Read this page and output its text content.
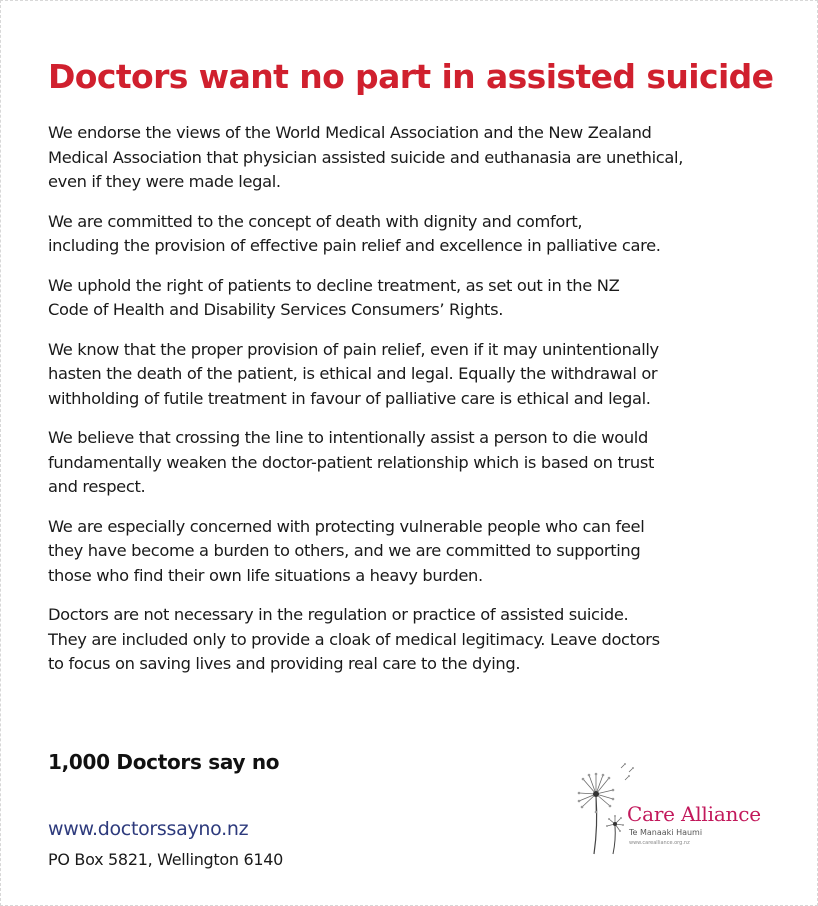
Doctors want no part in assisted suicide

We endorse the views of the World Medical Association and the New Zealand
Medical Association that physician assisted suicide and euthanasia are unethical,
even if they were made legal.

We are committed to the concept of death with dignity and comfort,
including the provision of effective pain relief and excellence in palliative care.

We uphold the right of patients to decline treatment, as set out in the NZ
Code of Health and Disability Services Consumers’ Rights.

We know that the proper provision of pain relief, even if it may unintentionally
hasten the death of the patient, is ethical and legal. Equally the withdrawal or
withholding of futile treatment in favour of palliative care is ethical and legal.

We believe that crossing the line to intentionally assist a person to die would
fundamentally weaken the doctor-patient relationship which is based on trust
and respect.

We are especially concerned with protecting vulnerable people who can feel
they have become a burden to others, and we are committed to supporting
those who find their own life situations a heavy burden.

Doctors are not necessary in the regulation or practice of assisted suicide.
They are included only to provide a cloak of medical legitimacy. Leave doctors
to focus on saving lives and providing real care to the dying.

1,000 Doctors say no
www.doctorssayno.nz
PO Box 5821, Wellington 6140
Care Alliance
Te Manaaki Haumi
www.carealliance.org.nz
